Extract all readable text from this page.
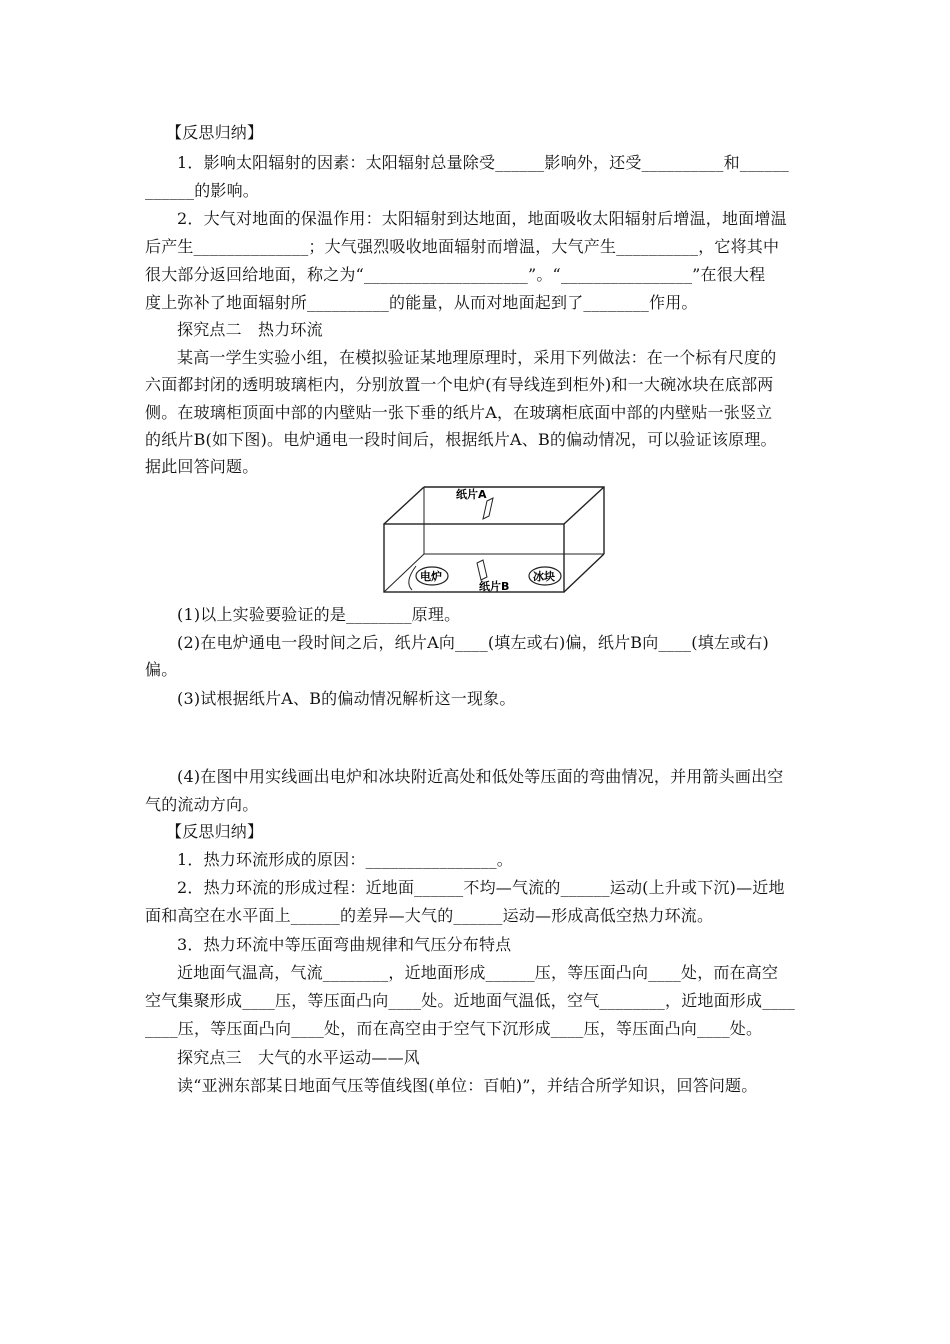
【反思归纳】
1．影响太阳辐射的因素：太阳辐射总量除受______影响外，还受__________和______
______的影响。
2．大气对地面的保温作用：太阳辐射到达地面，地面吸收太阳辐射后增温，地面增温
后产生______________；大气强烈吸收地面辐射而增温，大气产生__________，它将其中
很大部分返回给地面，称之为“____________________”。“________________”在很大程
度上弥补了地面辐射所__________的能量，从而对地面起到了________作用。
探究点二　热力环流
某高一学生实验小组，在模拟验证某地理原理时，采用下列做法：在一个标有尺度的
六面都封闭的透明玻璃柜内，分别放置一个电炉(有导线连到柜外)和一大碗冰块在底部两
侧。在玻璃柜顶面中部的内壁贴一张下垂的纸片A，在玻璃柜底面中部的内壁贴一张竖立
的纸片B(如下图)。电炉通电一段时间后，根据纸片A、B的偏动情况，可以验证该原理。
据此回答问题。
纸片A
纸片B
电炉	冰块
(1)以上实验要验证的是________原理。
(2)在电炉通电一段时间之后，纸片A向____(填左或右)偏，纸片B向____(填左或右)
偏。
(3)试根据纸片A、B的偏动情况解析这一现象。
(4)在图中用实线画出电炉和冰块附近高处和低处等压面的弯曲情况，并用箭头画出空
气的流动方向。
【反思归纳】
1．热力环流形成的原因：________________。
2．热力环流的形成过程：近地面______不均—气流的______运动(上升或下沉)—近地
面和高空在水平面上______的差异—大气的______运动—形成高低空热力环流。
3．热力环流中等压面弯曲规律和气压分布特点
近地面气温高，气流________，近地面形成______压，等压面凸向____处，而在高空
空气集聚形成____压，等压面凸向____处。近地面气温低，空气________，近地面形成____
____压，等压面凸向____处，而在高空由于空气下沉形成____压，等压面凸向____处。
探究点三　大气的水平运动——风
读“亚洲东部某日地面气压等值线图(单位：百帕)”，并结合所学知识，回答问题。
